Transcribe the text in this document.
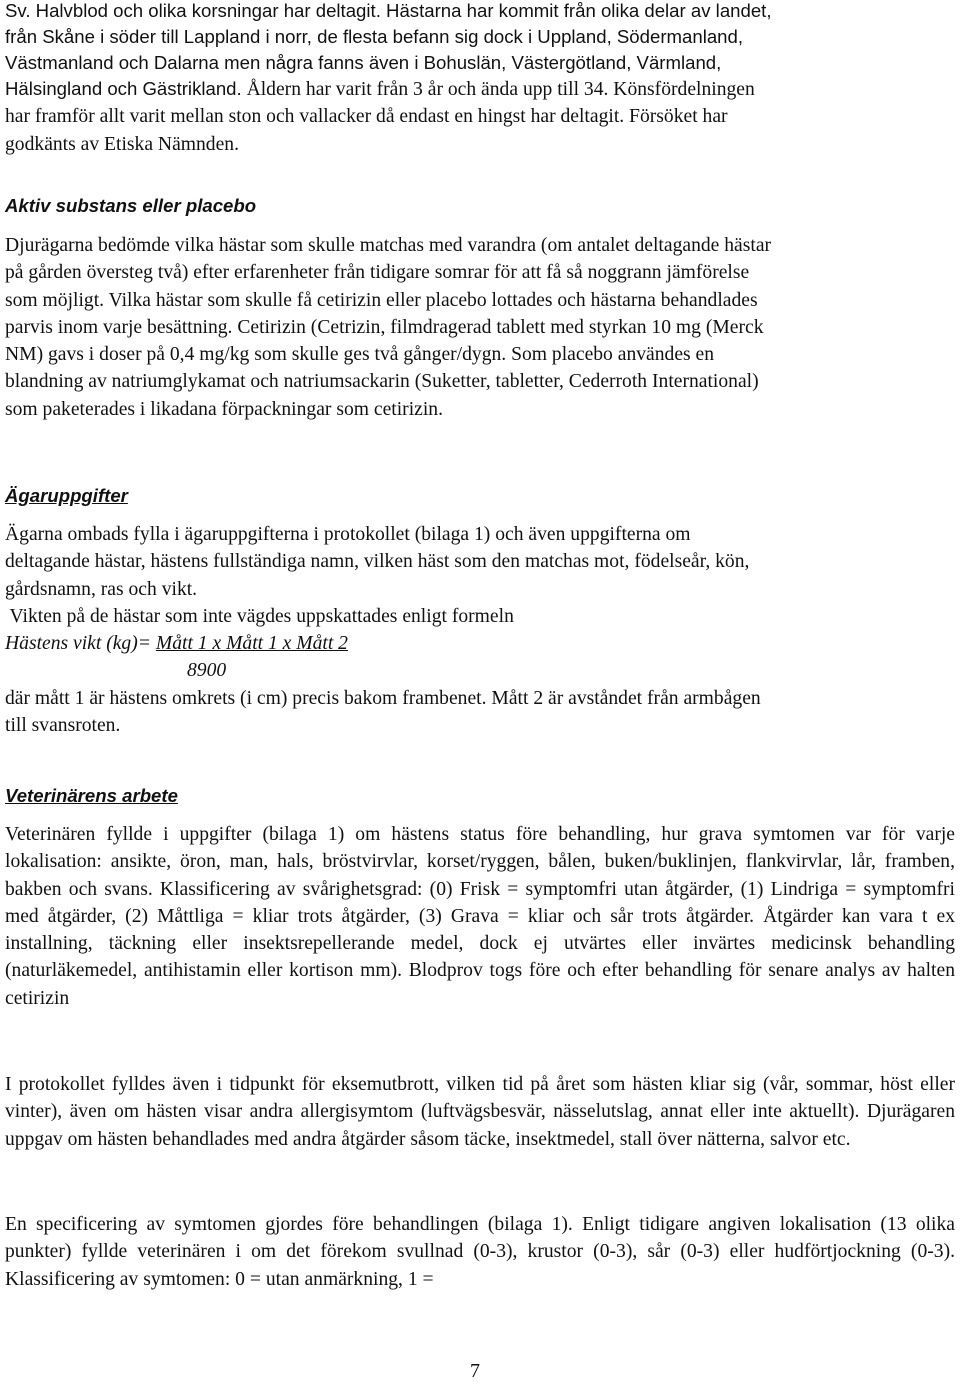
Sv. Halvblod och olika korsningar har deltagit. Hästarna har kommit från olika delar av landet,
från Skåne i söder till Lappland i norr, de flesta befann sig dock i Uppland, Södermanland,
Västmanland och Dalarna men några fanns även i Bohuslän, Västergötland, Värmland,
Hälsingland och Gästrikland. Åldern har varit från 3 år och ända upp till 34. Könsfördelningen
har framför allt varit mellan ston och vallacker då endast en hingst har deltagit. Försöket har
godkänts av Etiska Nämnden.
Aktiv substans eller placebo
Djurägarna bedömde vilka hästar som skulle matchas med varandra (om antalet deltagande hästar
på gården översteg två) efter erfarenheter från tidigare somrar för att få så noggrann jämförelse
som möjligt. Vilka hästar som skulle få cetirizin eller placebo lottades och hästarna behandlades
parvis inom varje besättning. Cetirizin (Cetrizin, filmdragerad tablett med styrkan 10 mg (Merck
NM) gavs i doser på 0,4 mg/kg som skulle ges två gånger/dygn. Som placebo användes en
blandning av natriumglykamat och natriumsackarin (Suketter, tabletter, Cederroth International)
som paketerades i likadana förpackningar som cetirizin.
Ägaruppgifter
Ägarna ombads fylla i ägaruppgifterna i protokollet (bilaga 1) och även uppgifterna om
deltagande hästar, hästens fullständiga namn, vilken häst som den matchas mot, födelseår, kön,
gårdsnamn, ras och vikt.
Vikten på de hästar som inte vägdes uppskattades enligt formeln
Hästens vikt (kg)= Mått 1 x Mått 1 x Mått 2
8900
där mått 1 är hästens omkrets (i cm) precis bakom frambenet. Mått 2 är avståndet från armbågen
till svansroten.
Veterinärens arbete

Veterinären fyllde i uppgifter (bilaga 1) om hästens status före behandling, hur grava symtomen var för varje lokalisation: ansikte, öron, man, hals, bröstvirvlar, korset/ryggen, bålen, buken/buklinjen, flankvirvlar, lår, framben, bakben och svans. Klassificering av svårighetsgrad: (0) Frisk = symptomfri utan åtgärder, (1) Lindriga = symptomfri med åtgärder, (2) Måttliga = kliar trots åtgärder, (3) Grava = kliar och sår trots åtgärder. Åtgärder kan vara t ex installning, täckning eller insektsrepellerande medel, dock ej utvärtes eller invärtes medicinsk behandling (naturläkemedel, antihistamin eller kortison mm). Blodprov togs före och efter behandling för senare analys av halten cetirizin

I protokollet fylldes även i tidpunkt för eksemutbrott, vilken tid på året som hästen kliar sig (vår, sommar, höst eller vinter), även om hästen visar andra allergisymtom (luftvägsbesvär, nässelutslag, annat eller inte aktuellt). Djurägaren uppgav om hästen behandlades med andra åtgärder såsom täcke, insektmedel, stall över nätterna, salvor etc.

En specificering av symtomen gjordes före behandlingen (bilaga 1). Enligt tidigare angiven lokalisation (13 olika punkter) fyllde veterinären i om det förekom svullnad (0-3), krustor (0-3), sår (0-3) eller hudförtjockning (0-3). Klassificering av symtomen: 0 = utan anmärkning, 1 =

7
